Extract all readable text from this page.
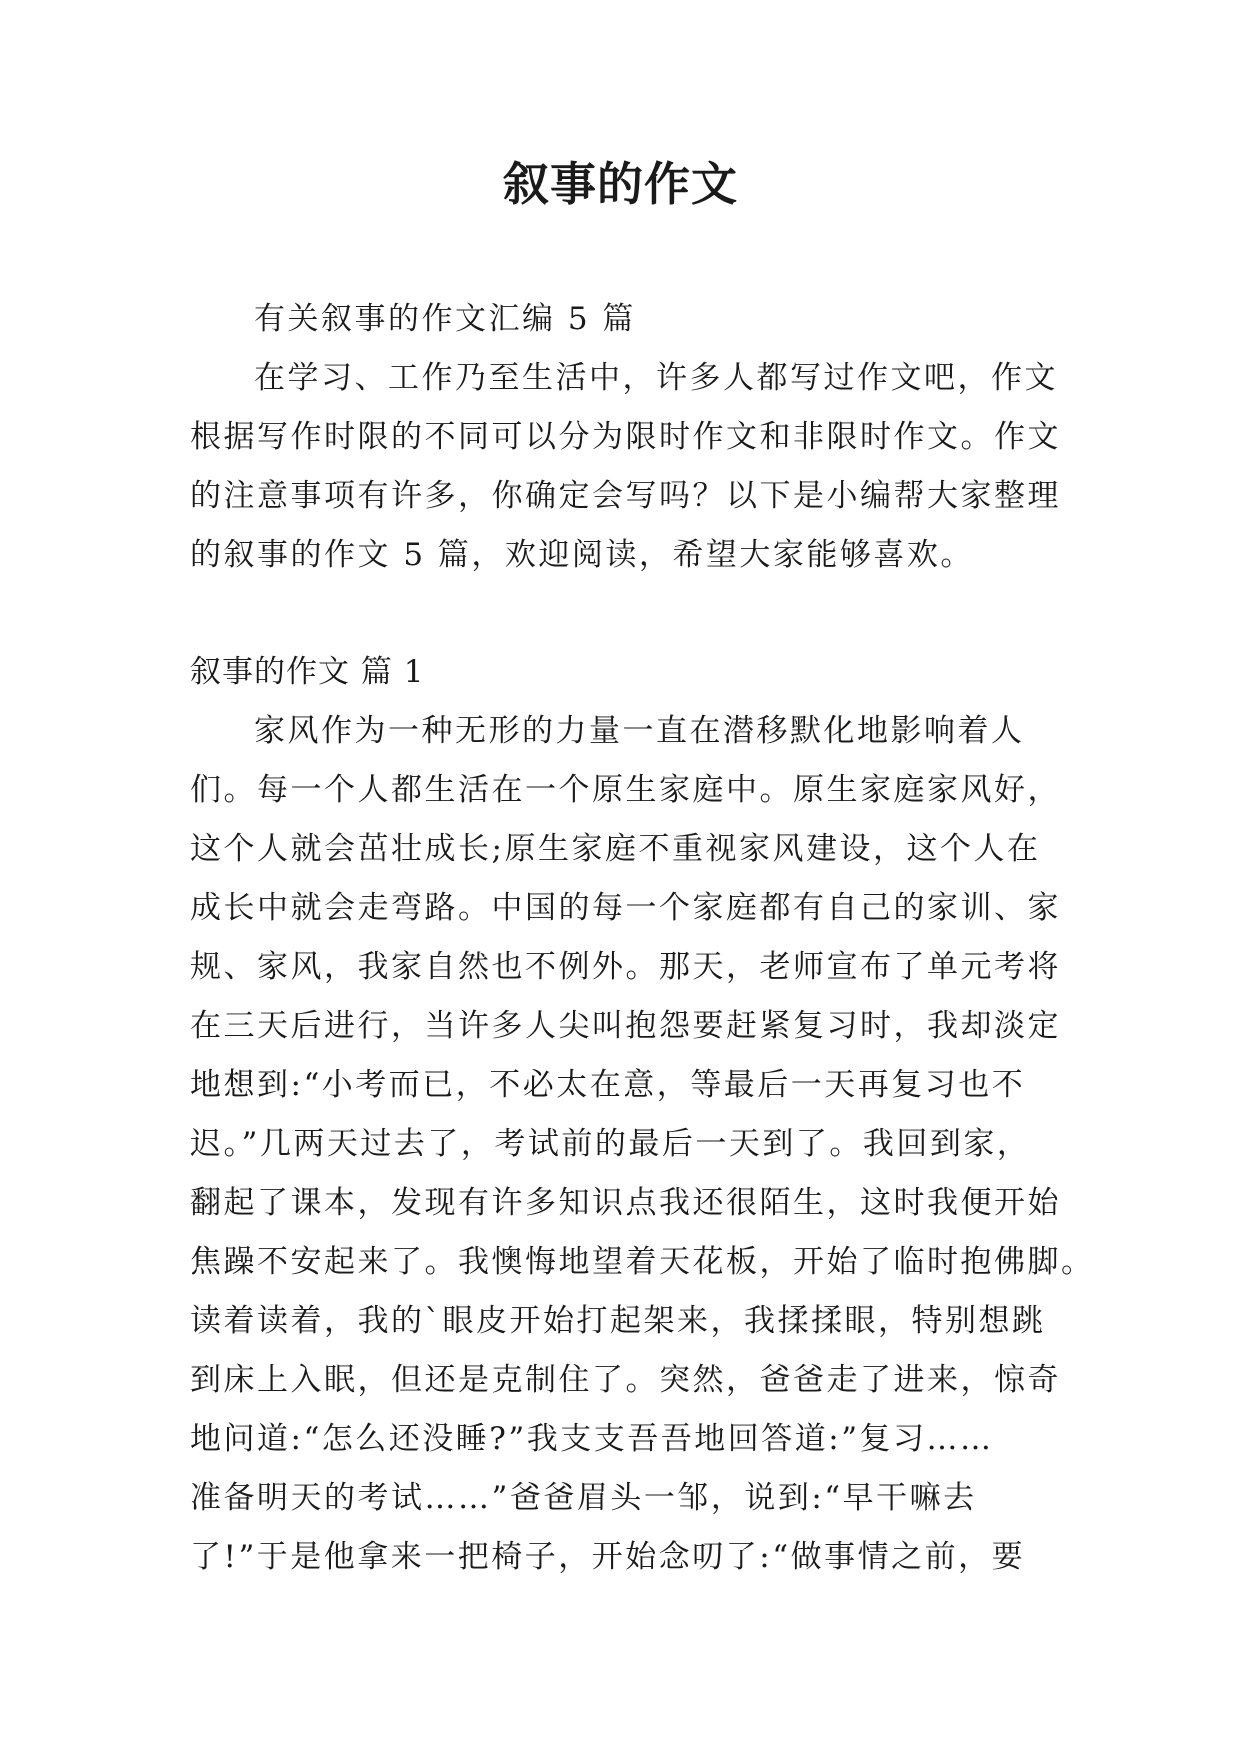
叙事的作文
有关叙事的作文汇编 5 篇
在学习、工作乃至生活中，许多人都写过作文吧，作文
根据写作时限的不同可以分为限时作文和非限时作文。作文
的注意事项有许多，你确定会写吗？以下是小编帮大家整理
的叙事的作文 5 篇，欢迎阅读，希望大家能够喜欢。
叙事的作文 篇 1
家风作为一种无形的力量一直在潜移默化地影响着人
们。每一个人都生活在一个原生家庭中。原生家庭家风好，
这个人就会茁壮成长;原生家庭不重视家风建设，这个人在
成长中就会走弯路。中国的每一个家庭都有自己的家训、家
规、家风，我家自然也不例外。那天，老师宣布了单元考将
在三天后进行，当许多人尖叫抱怨要赶紧复习时，我却淡定
地想到:“小考而已，不必太在意，等最后一天再复习也不
迟。”几两天过去了，考试前的最后一天到了。我回到家，
翻起了课本，发现有许多知识点我还很陌生，这时我便开始
焦躁不安起来了。我懊悔地望着天花板，开始了临时抱佛脚。
读着读着，我的`眼皮开始打起架来，我揉揉眼，特别想跳
到床上入眠，但还是克制住了。突然，爸爸走了进来，惊奇
地问道:“怎么还没睡?”我支支吾吾地回答道:”复习……
准备明天的考试……”爸爸眉头一邹，说到:“早干嘛去
了!”于是他拿来一把椅子，开始念叨了:“做事情之前，要
